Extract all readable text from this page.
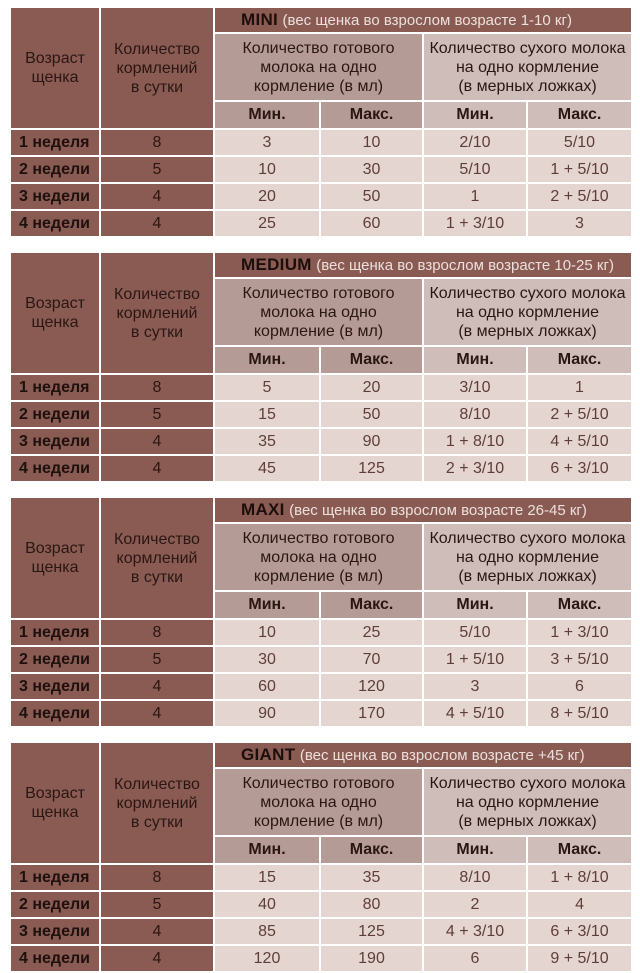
Возраст
щенка	Количество
кормлений
в сутки	MINI (вес щенка во взрослом возрасте 1-10 кг)			

		Количество готового
молока на одно
кормление (в мл)		Количество сухого молока
на одно кормление
(в мерных ложках)	

		Мин.	Макс.	Мин.	Макс.
1 неделя	8	3	10	2/10	5/10
2 недели	5	10	30	5/10	1 + 5/10
3 недели	4	20	50	1	2 + 5/10
4 недели	4	25	60	1 + 3/10	3
Возраст
щенка	Количество
кормлений
в сутки	MEDIUM (вес щенка во взрослом возрасте 10-25 кг)			

		Количество готового
молока на одно
кормление (в мл)		Количество сухого молока
на одно кормление
(в мерных ложках)	

		Мин.	Макс.	Мин.	Макс.
1 неделя	8	5	20	3/10	1
2 недели	5	15	50	8/10	2 + 5/10
3 недели	4	35	90	1 + 8/10	4 + 5/10
4 недели	4	45	125	2 + 3/10	6 + 3/10
Возраст
щенка	Количество
кормлений
в сутки	MAXI (вес щенка во взрослом возрасте 26-45 кг)			

		Количество готового
молока на одно
кормление (в мл)		Количество сухого молока
на одно кормление
(в мерных ложках)	

		Мин.	Макс.	Мин.	Макс.
1 неделя	8	10	25	5/10	1 + 3/10
2 недели	5	30	70	1 + 5/10	3 + 5/10
3 недели	4	60	120	3	6
4 недели	4	90	170	4 + 5/10	8 + 5/10
Возраст
щенка	Количество
кормлений
в сутки	GIANT (вес щенка во взрослом возрасте +45 кг)			

		Количество готового
молока на одно
кормление (в мл)		Количество сухого молока
на одно кормление
(в мерных ложках)	

		Мин.	Макс.	Мин.	Макс.
1 неделя	8	15	35	8/10	1 + 8/10
2 недели	5	40	80	2	4
3 недели	4	85	125	4 + 3/10	6 + 3/10
4 недели	4	120	190	6	9 + 5/10
